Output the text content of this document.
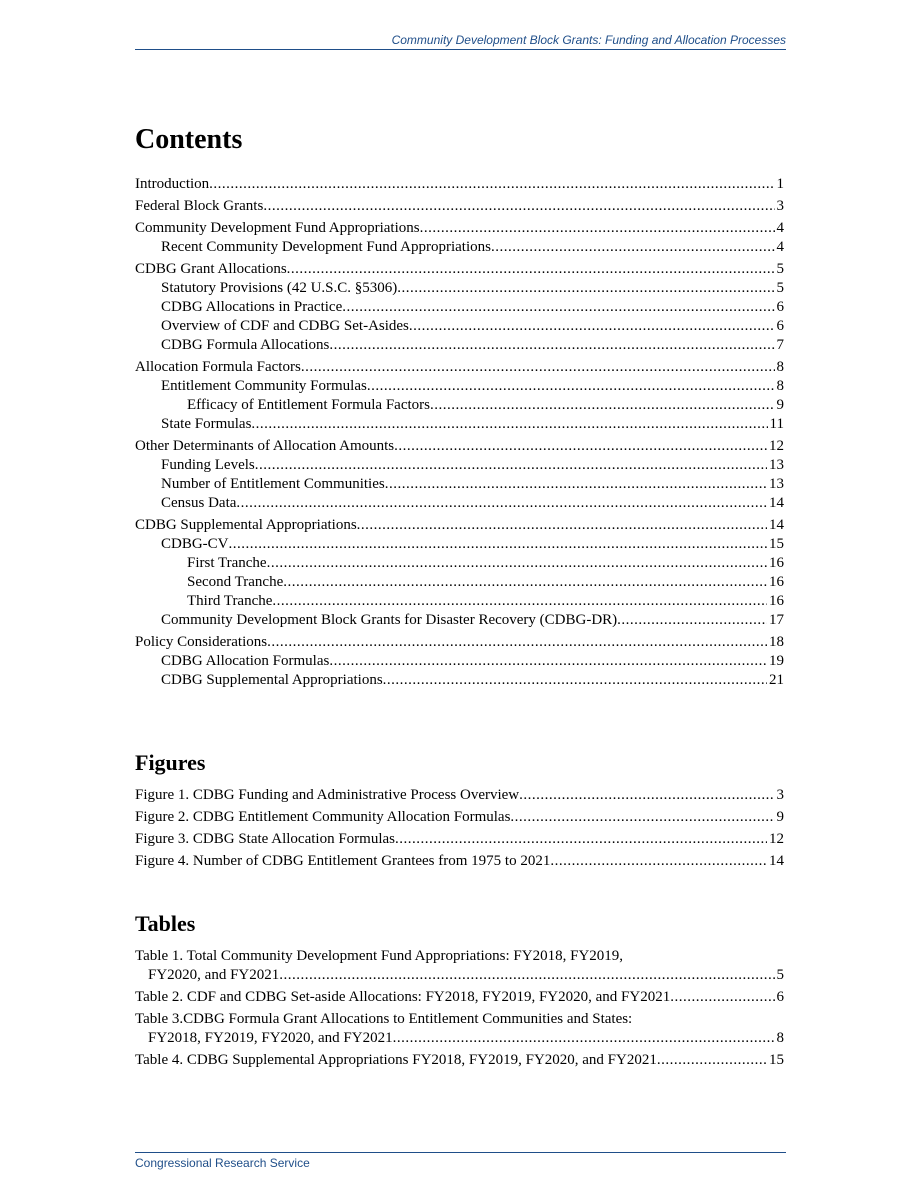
Community Development Block Grants: Funding and Allocation Processes
Contents
Introduction .....	1
Federal Block Grants .....	3
Community Development Fund Appropriations .....	4
Recent Community Development Fund Appropriations .....	4
CDBG Grant Allocations .....	5
Statutory Provisions (42 U.S.C. §5306) .....	5
CDBG Allocations in Practice .....	6
Overview of CDF and CDBG Set-Asides .....	6
CDBG Formula Allocations .....	7
Allocation Formula Factors .....	8
Entitlement Community Formulas .....	8
Efficacy of Entitlement Formula Factors .....	9
State Formulas .....	11
Other Determinants of Allocation Amounts .....	12
Funding Levels .....	13
Number of Entitlement Communities .....	13
Census Data .....	14
CDBG Supplemental Appropriations .....	14
CDBG-CV .....	15
First Tranche .....	16
Second Tranche .....	16
Third Tranche .....	16
Community Development Block Grants for Disaster Recovery (CDBG-DR) .....	17
Policy Considerations .....	18
CDBG Allocation Formulas .....	19
CDBG Supplemental Appropriations .....	21
Figures
Figure 1. CDBG Funding and Administrative Process Overview .....	3
Figure 2. CDBG Entitlement Community Allocation Formulas .....	9
Figure 3. CDBG State Allocation Formulas .....	12
Figure 4. Number of CDBG Entitlement Grantees from 1975 to 2021 .....	14
Tables
Table 1. Total Community Development Fund Appropriations: FY2018, FY2019,
FY2020, and FY2021 .....	5
Table 2. CDF and CDBG Set-aside Allocations: FY2018, FY2019, FY2020, and FY2021 .....	6
Table 3.CDBG Formula Grant Allocations to Entitlement Communities and States:
FY2018, FY2019, FY2020, and FY2021 .....	8
Table 4. CDBG Supplemental Appropriations FY2018, FY2019, FY2020, and FY2021 .....	15
Congressional Research Service
